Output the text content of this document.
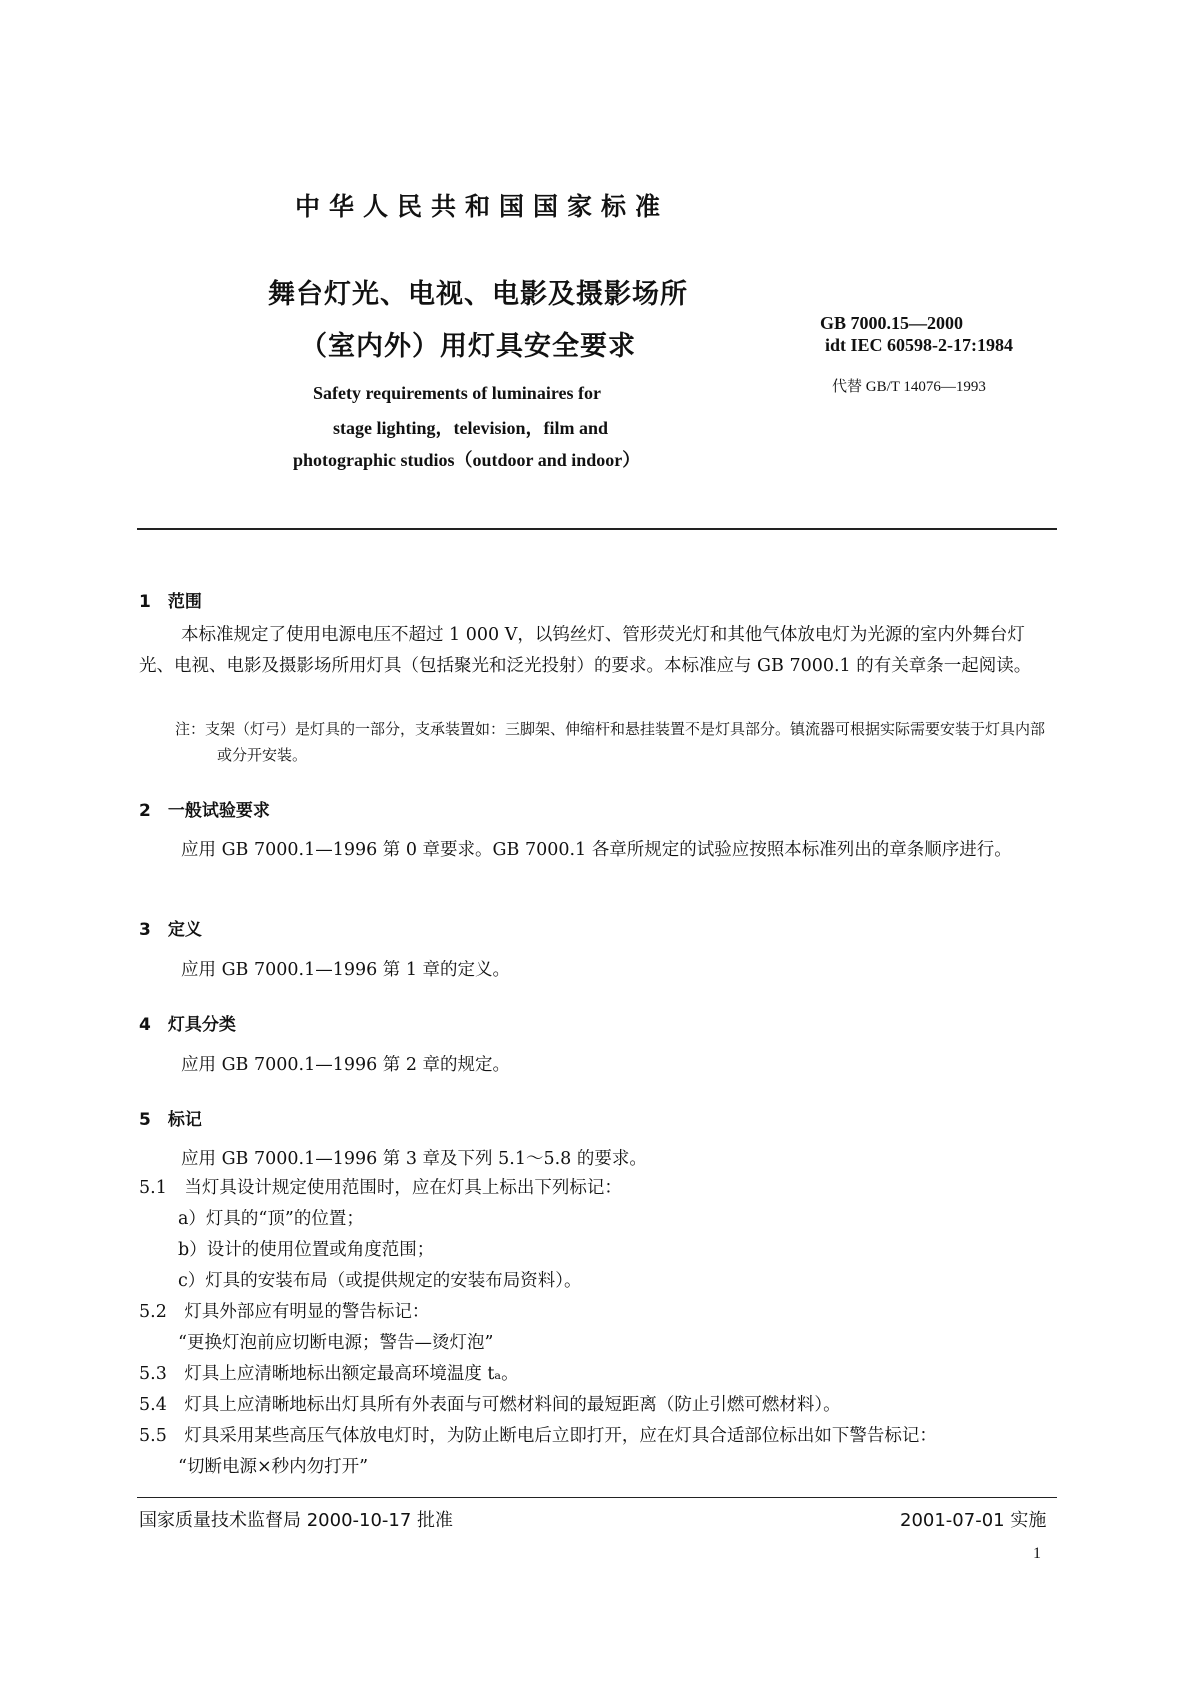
中华人民共和国国家标准
舞台灯光、电视、电影及摄影场所
（室内外）用灯具安全要求
Safety requirements of luminaires for
stage lighting，television，film and
photographic studios（outdoor and indoor）
GB 7000.15—2000
idt IEC 60598-2-17:1984
代替 GB/T 14076—1993
1　范围
本标准规定了使用电源电压不超过 1 000 V，以钨丝灯、管形荧光灯和其他气体放电灯为光源的室内外舞台灯光、电视、电影及摄影场所用灯具（包括聚光和泛光投射）的要求。本标准应与 GB 7000.1 的有关章条一起阅读。
注：支架（灯弓）是灯具的一部分，支承装置如：三脚架、伸缩杆和悬挂装置不是灯具部分。镇流器可根据实际需要安装于灯具内部或分开安装。
2　一般试验要求
应用 GB 7000.1—1996 第 0 章要求。GB 7000.1 各章所规定的试验应按照本标准列出的章条顺序进行。
3　定义
应用 GB 7000.1—1996 第 1 章的定义。
4　灯具分类
应用 GB 7000.1—1996 第 2 章的规定。
5　标记
应用 GB 7000.1—1996 第 3 章及下列 5.1～5.8 的要求。
5.1　当灯具设计规定使用范围时，应在灯具上标出下列标记：
a）灯具的“顶”的位置；
b）设计的使用位置或角度范围；
c）灯具的安装布局（或提供规定的安装布局资料）。
5.2　灯具外部应有明显的警告标记：
“更换灯泡前应切断电源；警告—烫灯泡”
5.3　灯具上应清晰地标出额定最高环境温度 tₐ。
5.4　灯具上应清晰地标出灯具所有外表面与可燃材料间的最短距离（防止引燃可燃材料）。
5.5　灯具采用某些高压气体放电灯时，为防止断电后立即打开，应在灯具合适部位标出如下警告标记：
“切断电源×秒内勿打开”
国家质量技术监督局 2000-10-17 批准	2001-07-01 实施
1
